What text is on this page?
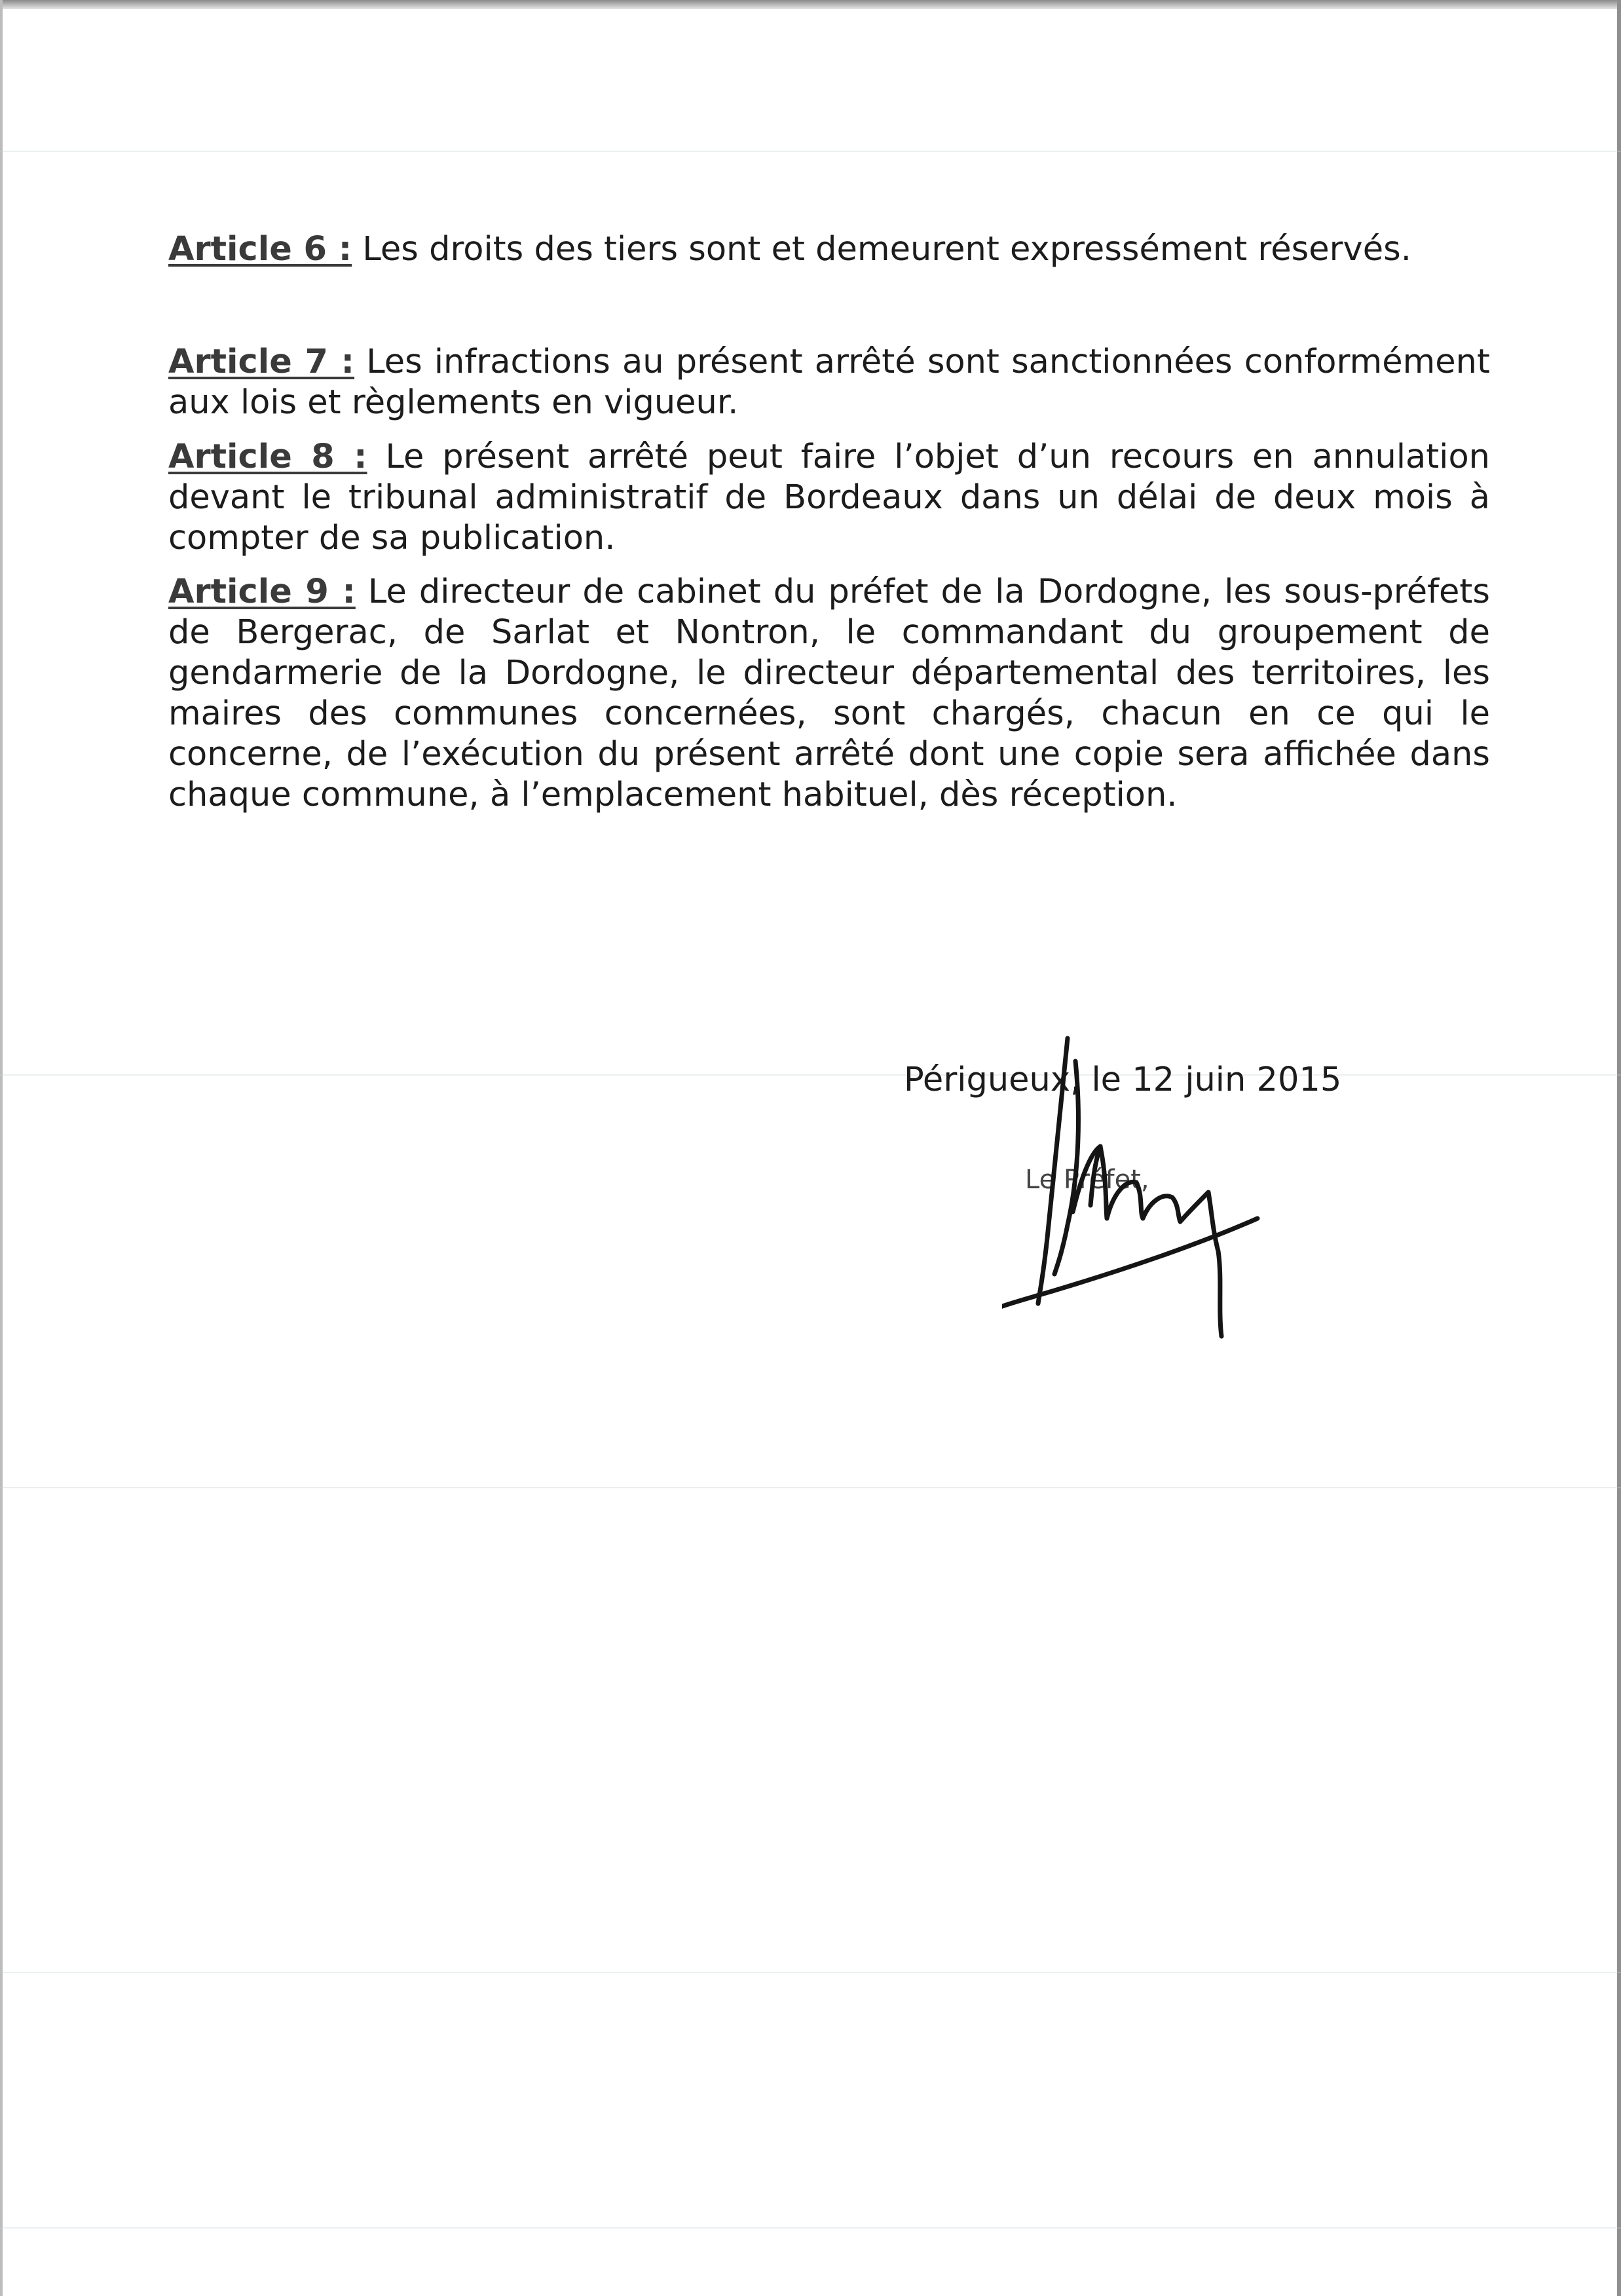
Article 6 : Les droits des tiers sont et demeurent expressément réservés.

Article 7 : Les infractions au présent arrêté sont sanctionnées conformément aux lois et règlements en vigueur.

Article 8 : Le présent arrêté peut faire l’objet d’un recours en annulation devant le tribunal administratif de Bordeaux dans un délai de deux mois à compter de sa publication.

Article 9 : Le directeur de cabinet du préfet de la Dordogne, les sous-préfets de Bergerac, de Sarlat et Nontron, le commandant du groupement de gendarmerie de la Dordogne, le directeur départemental des territoires, les maires des communes concernées, sont chargés, chacun en ce qui le concerne, de l’exécution du présent arrêté dont une copie sera affichée dans chaque commune, à l’emplacement habituel, dès réception.

Périgueux, le 12 juin 2015
Le Préfet,
